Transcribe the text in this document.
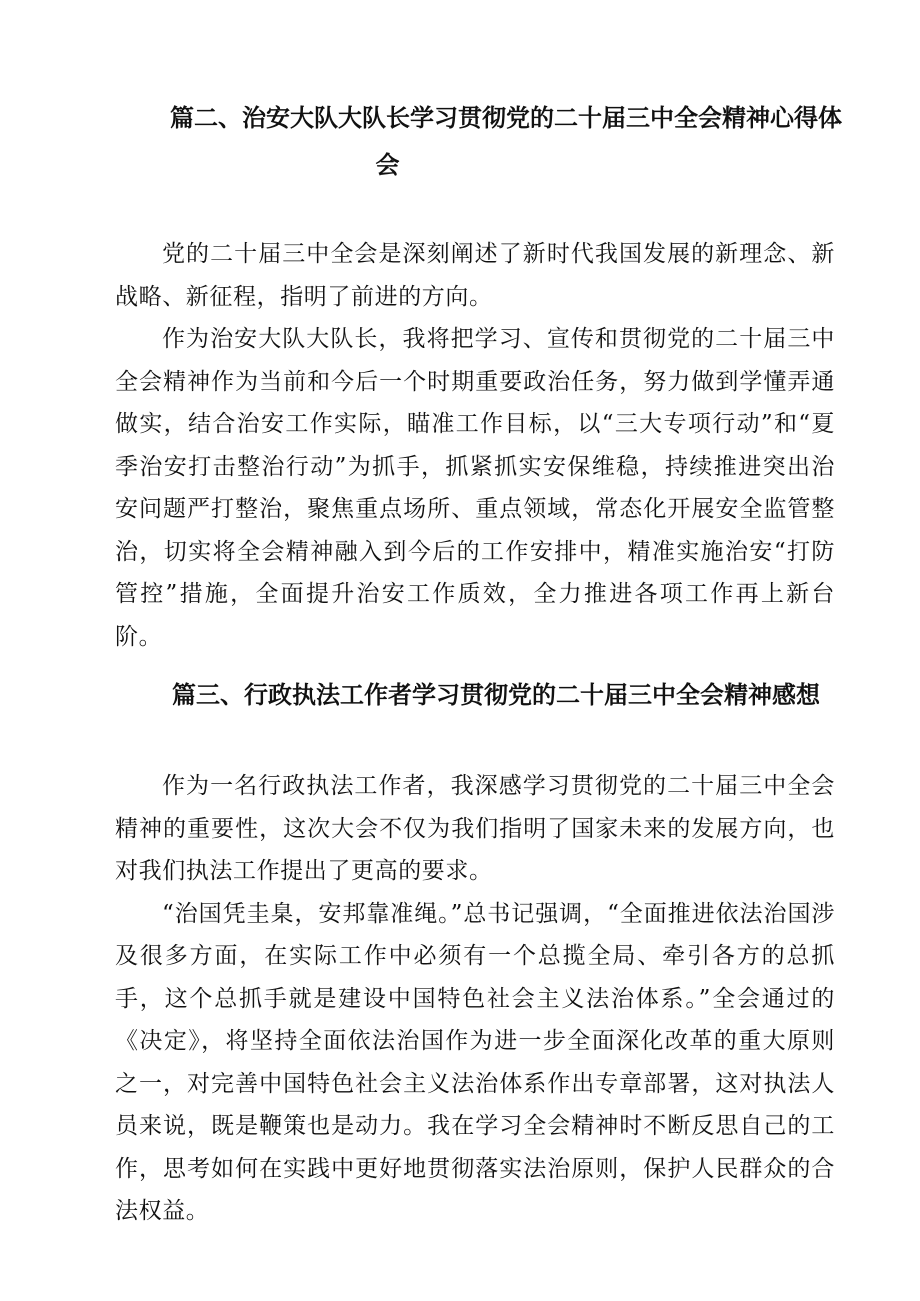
篇二、治安大队大队长学习贯彻党的二十届三中全会精神心得体
会

党的二十届三中全会是深刻阐述了新时代我国发展的新理念、新战略、新征程，指明了前进的方向。

作为治安大队大队长，我将把学习、宣传和贯彻党的二十届三中全会精神作为当前和今后一个时期重要政治任务，努力做到学懂弄通做实，结合治安工作实际，瞄准工作目标，以“三大专项行动”和“夏季治安打击整治行动”为抓手，抓紧抓实安保维稳，持续推进突出治安问题严打整治，聚焦重点场所、重点领域，常态化开展安全监管整治，切实将全会精神融入到今后的工作安排中，精准实施治安“打防管控”措施，全面提升治安工作质效，全力推进各项工作再上新台阶。

篇三、行政执法工作者学习贯彻党的二十届三中全会精神感想

作为一名行政执法工作者，我深感学习贯彻党的二十届三中全会精神的重要性，这次大会不仅为我们指明了国家未来的发展方向，也对我们执法工作提出了更高的要求。

“治国凭圭臬，安邦靠准绳。”总书记强调，“全面推进依法治国涉及很多方面，在实际工作中必须有一个总揽全局、牵引各方的总抓手，这个总抓手就是建设中国特色社会主义法治体系。”全会通过的《决定》，将坚持全面依法治国作为进一步全面深化改革的重大原则之一，对完善中国特色社会主义法治体系作出专章部署，这对执法人员来说，既是鞭策也是动力。我在学习全会精神时不断反思自己的工作，思考如何在实践中更好地贯彻落实法治原则，保护人民群众的合法权益。
